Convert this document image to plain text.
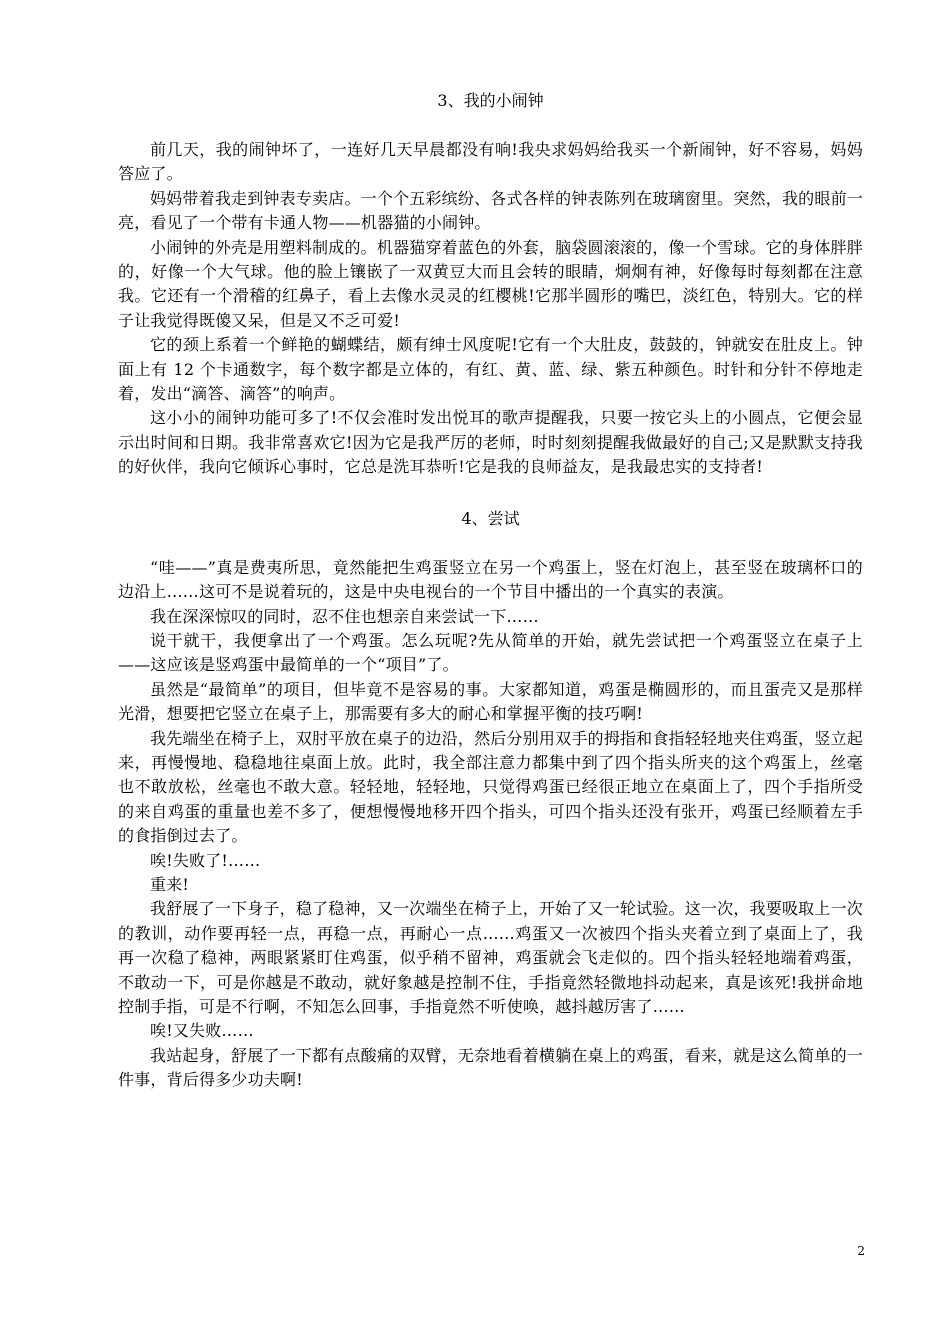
3、我的小闹钟

前几天，我的闹钟坏了，一连好几天早晨都没有响!我央求妈妈给我买一个新闹钟，好不容易，妈妈答应了。

妈妈带着我走到钟表专卖店。一个个五彩缤纷、各式各样的钟表陈列在玻璃窗里。突然，我的眼前一亮，看见了一个带有卡通人物——机器猫的小闹钟。

小闹钟的外壳是用塑料制成的。机器猫穿着蓝色的外套，脑袋圆滚滚的，像一个雪球。它的身体胖胖的，好像一个大气球。他的脸上镶嵌了一双黄豆大而且会转的眼睛，炯炯有神，好像每时每刻都在注意我。它还有一个滑稽的红鼻子，看上去像水灵灵的红樱桃!它那半圆形的嘴巴，淡红色，特别大。它的样子让我觉得既傻又呆，但是又不乏可爱!

它的颈上系着一个鲜艳的蝴蝶结，颇有绅士风度呢!它有一个大肚皮，鼓鼓的，钟就安在肚皮上。钟面上有 12 个卡通数字，每个数字都是立体的，有红、黄、蓝、绿、紫五种颜色。时针和分针不停地走着，发出“滴答、滴答”的响声。

这小小的闹钟功能可多了!不仅会准时发出悦耳的歌声提醒我，只要一按它头上的小圆点，它便会显示出时间和日期。我非常喜欢它!因为它是我严厉的老师，时时刻刻提醒我做最好的自己;又是默默支持我的好伙伴，我向它倾诉心事时，它总是洗耳恭听!它是我的良师益友，是我最忠实的支持者!

4、尝试

“哇——”真是费夷所思，竟然能把生鸡蛋竖立在另一个鸡蛋上，竖在灯泡上，甚至竖在玻璃杯口的边沿上……这可不是说着玩的，这是中央电视台的一个节目中播出的一个真实的表演。

我在深深惊叹的同时，忍不住也想亲自来尝试一下……

说干就干，我便拿出了一个鸡蛋。怎么玩呢?先从简单的开始，就先尝试把一个鸡蛋竖立在桌子上——这应该是竖鸡蛋中最简单的一个“项目”了。

虽然是“最简单”的项目，但毕竟不是容易的事。大家都知道，鸡蛋是椭圆形的，而且蛋壳又是那样光滑，想要把它竖立在桌子上，那需要有多大的耐心和掌握平衡的技巧啊!

我先端坐在椅子上，双肘平放在桌子的边沿，然后分别用双手的拇指和食指轻轻地夹住鸡蛋，竖立起来，再慢慢地、稳稳地往桌面上放。此时，我全部注意力都集中到了四个指头所夹的这个鸡蛋上，丝毫也不敢放松，丝毫也不敢大意。轻轻地，轻轻地，只觉得鸡蛋已经很正地立在桌面上了，四个手指所受的来自鸡蛋的重量也差不多了，便想慢慢地移开四个指头，可四个指头还没有张开，鸡蛋已经顺着左手的食指倒过去了。

唉!失败了!……

重来!

我舒展了一下身子，稳了稳神，又一次端坐在椅子上，开始了又一轮试验。这一次，我要吸取上一次的教训，动作要再轻一点，再稳一点，再耐心一点……鸡蛋又一次被四个指头夹着立到了桌面上了，我再一次稳了稳神，两眼紧紧盯住鸡蛋，似乎稍不留神，鸡蛋就会飞走似的。四个指头轻轻地端着鸡蛋，不敢动一下，可是你越是不敢动，就好象越是控制不住，手指竟然轻微地抖动起来，真是该死!我拼命地控制手指，可是不行啊，不知怎么回事，手指竟然不听使唤，越抖越厉害了……

唉!又失败……

我站起身，舒展了一下都有点酸痛的双臂，无奈地看着横躺在桌上的鸡蛋，看来，就是这么简单的一件事，背后得多少功夫啊!

2
